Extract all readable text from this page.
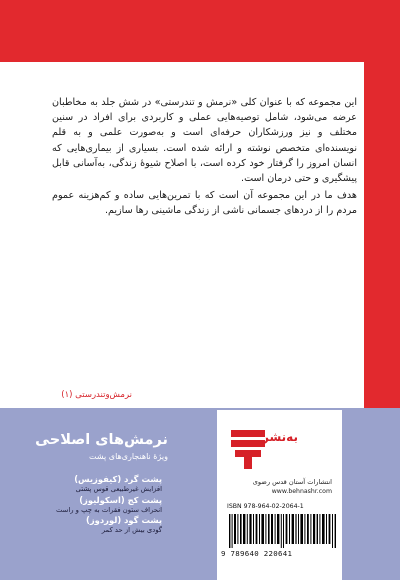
این مجموعه که با عنوان کلی «نرمش و تندرستی» در شش جلد به مخاطبان عرضه می‌شود، شامل توصیه‌هایی عملی و کاربردی برای افراد در سنین مختلف و نیز ورزشکاران حرفه‌ای است و به‌صورت علمی و به قلم نویسنده‌ای متخصص نوشته و ارائه شده است. بسیاری از بیماری‌هایی که انسان امروز را گرفتار خود کرده است، با اصلاح شیوهٔ زندگی، به‌آسانی قابل پیشگیری و حتی درمان است.

هدف ما در این مجموعه آن است که با تمرین‌هایی ساده و کم‌هزینه عموم مردم را از دردهای جسمانی ناشی از زندگی ماشینی رها سازیم.

نرمش‌وتندرستی (۱)
نرمش‌های اصلاحی
ویژهٔ ناهنجاری‌های پشت
پشت گرد (کیفوزیس)
افزایش غیرطبیعی قوس پشتی
پشت کج (اسکولیوز)
انحراف ستون فقرات به چپ و راست
پشت گود (لوردوز)
گودی بیش از حد کمر
به‌نشر
انتشارات آستان قدس رضوی
www.behnashr.com
ISBN 978-964-02-2064-1
9 789640 220641
